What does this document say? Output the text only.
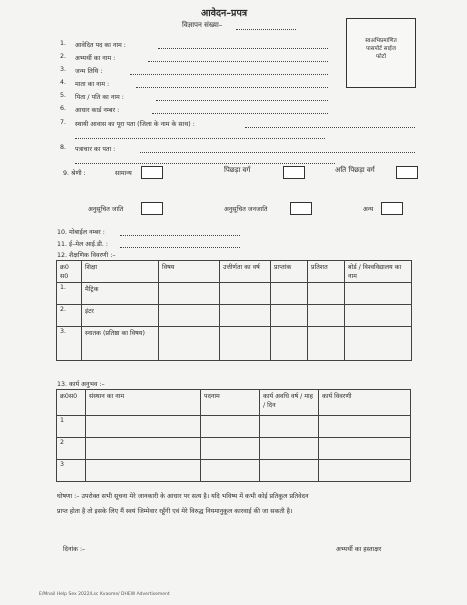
आवेदन–प्रपत्र
विज्ञापन संख्या–
स्वअभिप्रमाणित
पासपोर्ट साईज
फोटो
1. आवेदित पद का नाम :
2. अभ्यर्थी का नाम :
3. जन्म तिथि :
4. माता का नाम :
5. पिता / पति का नाम :
6. आधार कार्ड नम्बर :
7. स्थायी आवास का पूरा पता (जिला के नाम के साथ) :
8. पत्राचार का पता :
9. श्रेणी :	सामान्य	पिछड़ा वर्ग	अति पिछड़ा वर्ग
अनुसूचित जाति	अनुसूचित जनजाति	अन्य
10. मोबाईल नम्बर :
11. ई–मेल आई.डी. :
12. शैक्षणिक विवरणी :–
क्र0 स0	शिक्षा	विषय	उत्तीर्णता का वर्ष	प्राप्तांक	प्रतिशत	बोर्ड / विश्वविद्यालय का नाम
1.	मैट्रिक					
2.	इंटर					
3.	स्नातक (प्रतिष्ठा का विषय)					
13. कार्य अनुभव :–
क्र0स0	संस्थान का नाम	पदनाम	कार्य अवधि वर्ष / माह / दिन	कार्य विवरणी
1				
2				
3				
घोषणा :– उपरोक्त सभी सूचना मेरे जानकारी के आधार पर सत्य है। यदि भविष्य में कभी कोई प्रतिकूल प्रतिवेदन
प्राप्त होता है तो इसके लिए मैं स्वयं जिम्मेवार रहूँगी एवं मेरे विरुद्ध नियमानुकूल कारवाई की जा सकती है।
दिनांक :–	अभ्यर्थी का हस्ताक्षर
E/Mnail Help Sex 2022/Lsc Kvaome/ DHEW Advertisement
